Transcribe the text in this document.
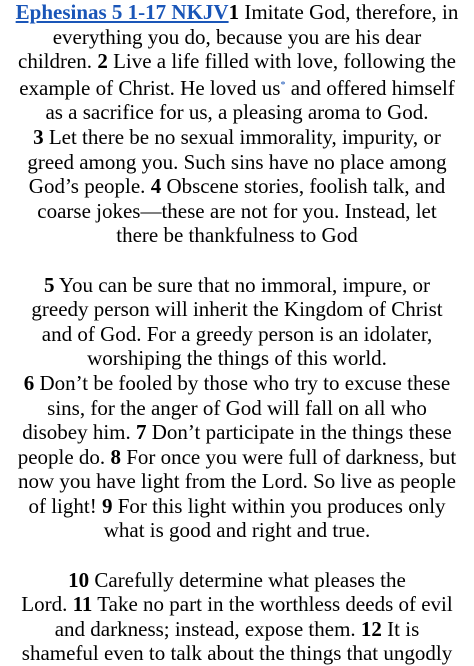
Ephesinas 5 1-17 NKJV1 Imitate God, therefore, in
everything you do, because you are his dear
children. 2 Live a life filled with love, following the
example of Christ. He loved us* and offered himself
as a sacrifice for us, a pleasing aroma to God.
3 Let there be no sexual immorality, impurity, or
greed among you. Such sins have no place among
God’s people. 4 Obscene stories, foolish talk, and
coarse jokes—these are not for you. Instead, let
there be thankfulness to God
5 You can be sure that no immoral, impure, or
greedy person will inherit the Kingdom of Christ
and of God. For a greedy person is an idolater,
worshiping the things of this world.
6 Don’t be fooled by those who try to excuse these
sins, for the anger of God will fall on all who
disobey him. 7 Don’t participate in the things these
people do. 8 For once you were full of darkness, but
now you have light from the Lord. So live as people
of light! 9 For this light within you produces only
what is good and right and true.
10 Carefully determine what pleases the
Lord. 11 Take no part in the worthless deeds of evil
and darkness; instead, expose them. 12 It is
shameful even to talk about the things that ungodly
